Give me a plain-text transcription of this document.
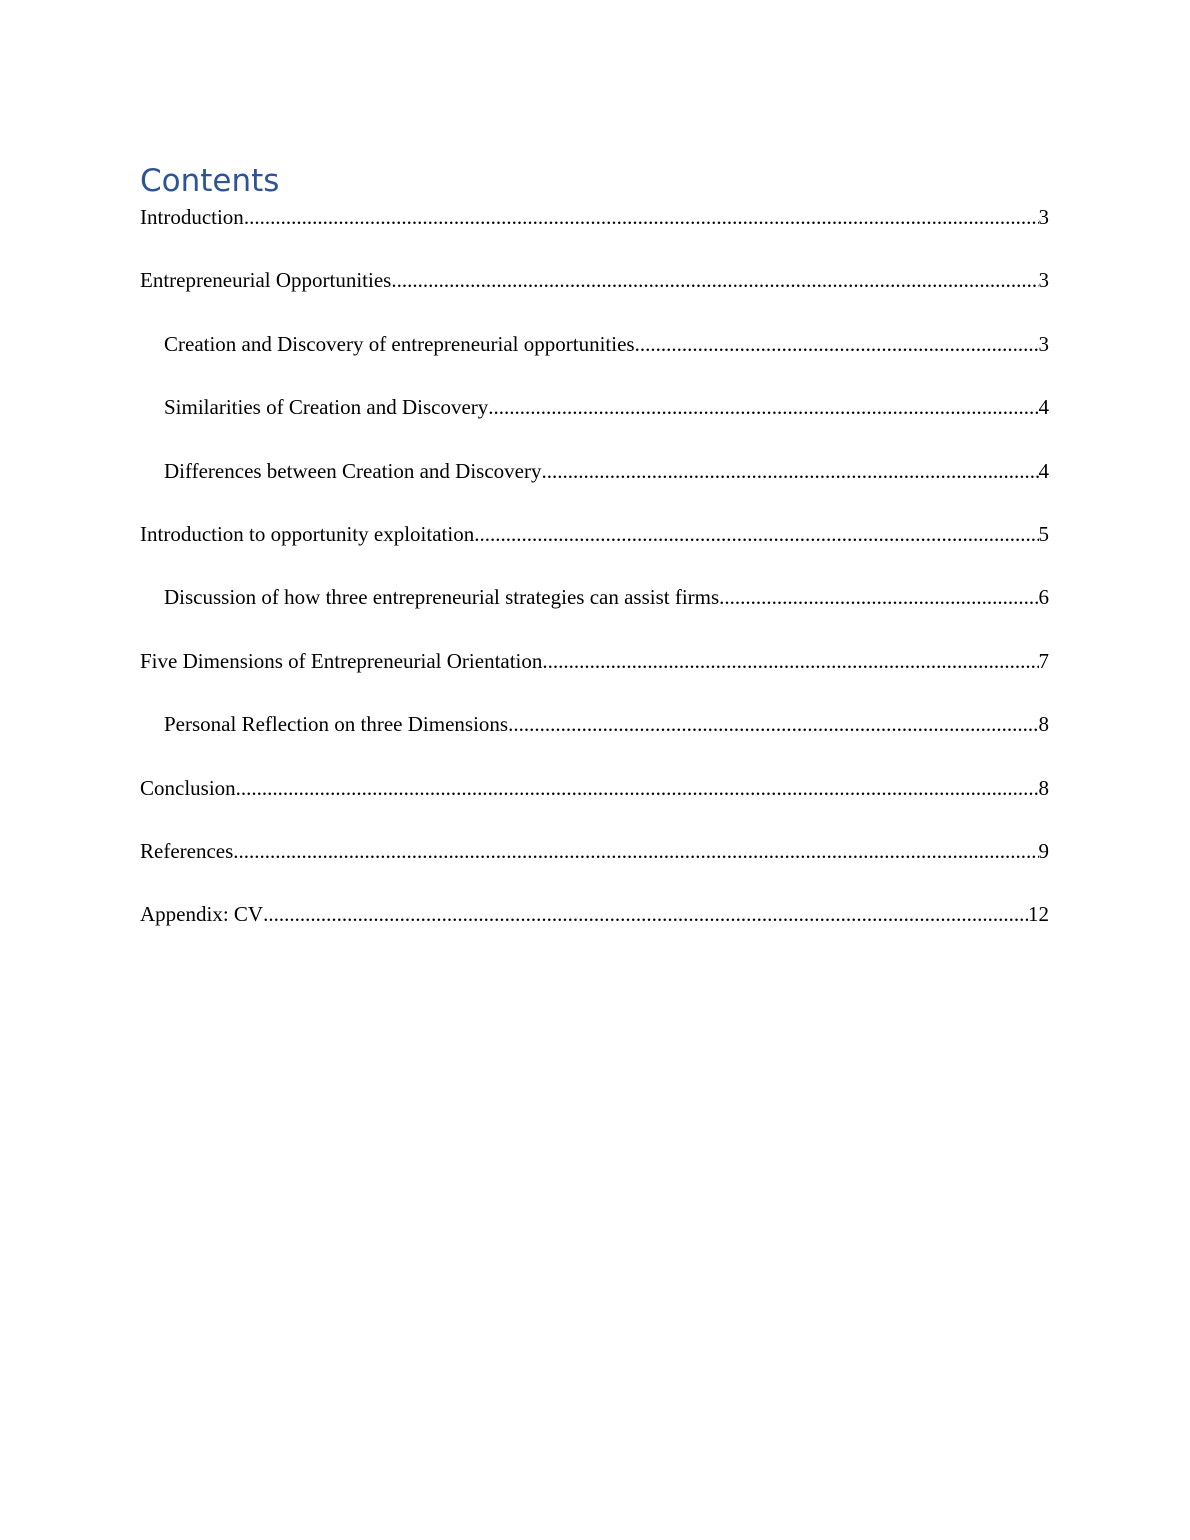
Contents
Introduction .....	3
Entrepreneurial Opportunities .....	3
Creation and Discovery of entrepreneurial opportunities .....	3
Similarities of Creation and Discovery .....	4
Differences between Creation and Discovery .....	4
Introduction to opportunity exploitation .....	5
Discussion of how three entrepreneurial strategies can assist firms .....	6
Five Dimensions of Entrepreneurial Orientation .....	7
Personal Reflection on three Dimensions .....	8
Conclusion .....	8
References .....	9
Appendix: CV .....	12
